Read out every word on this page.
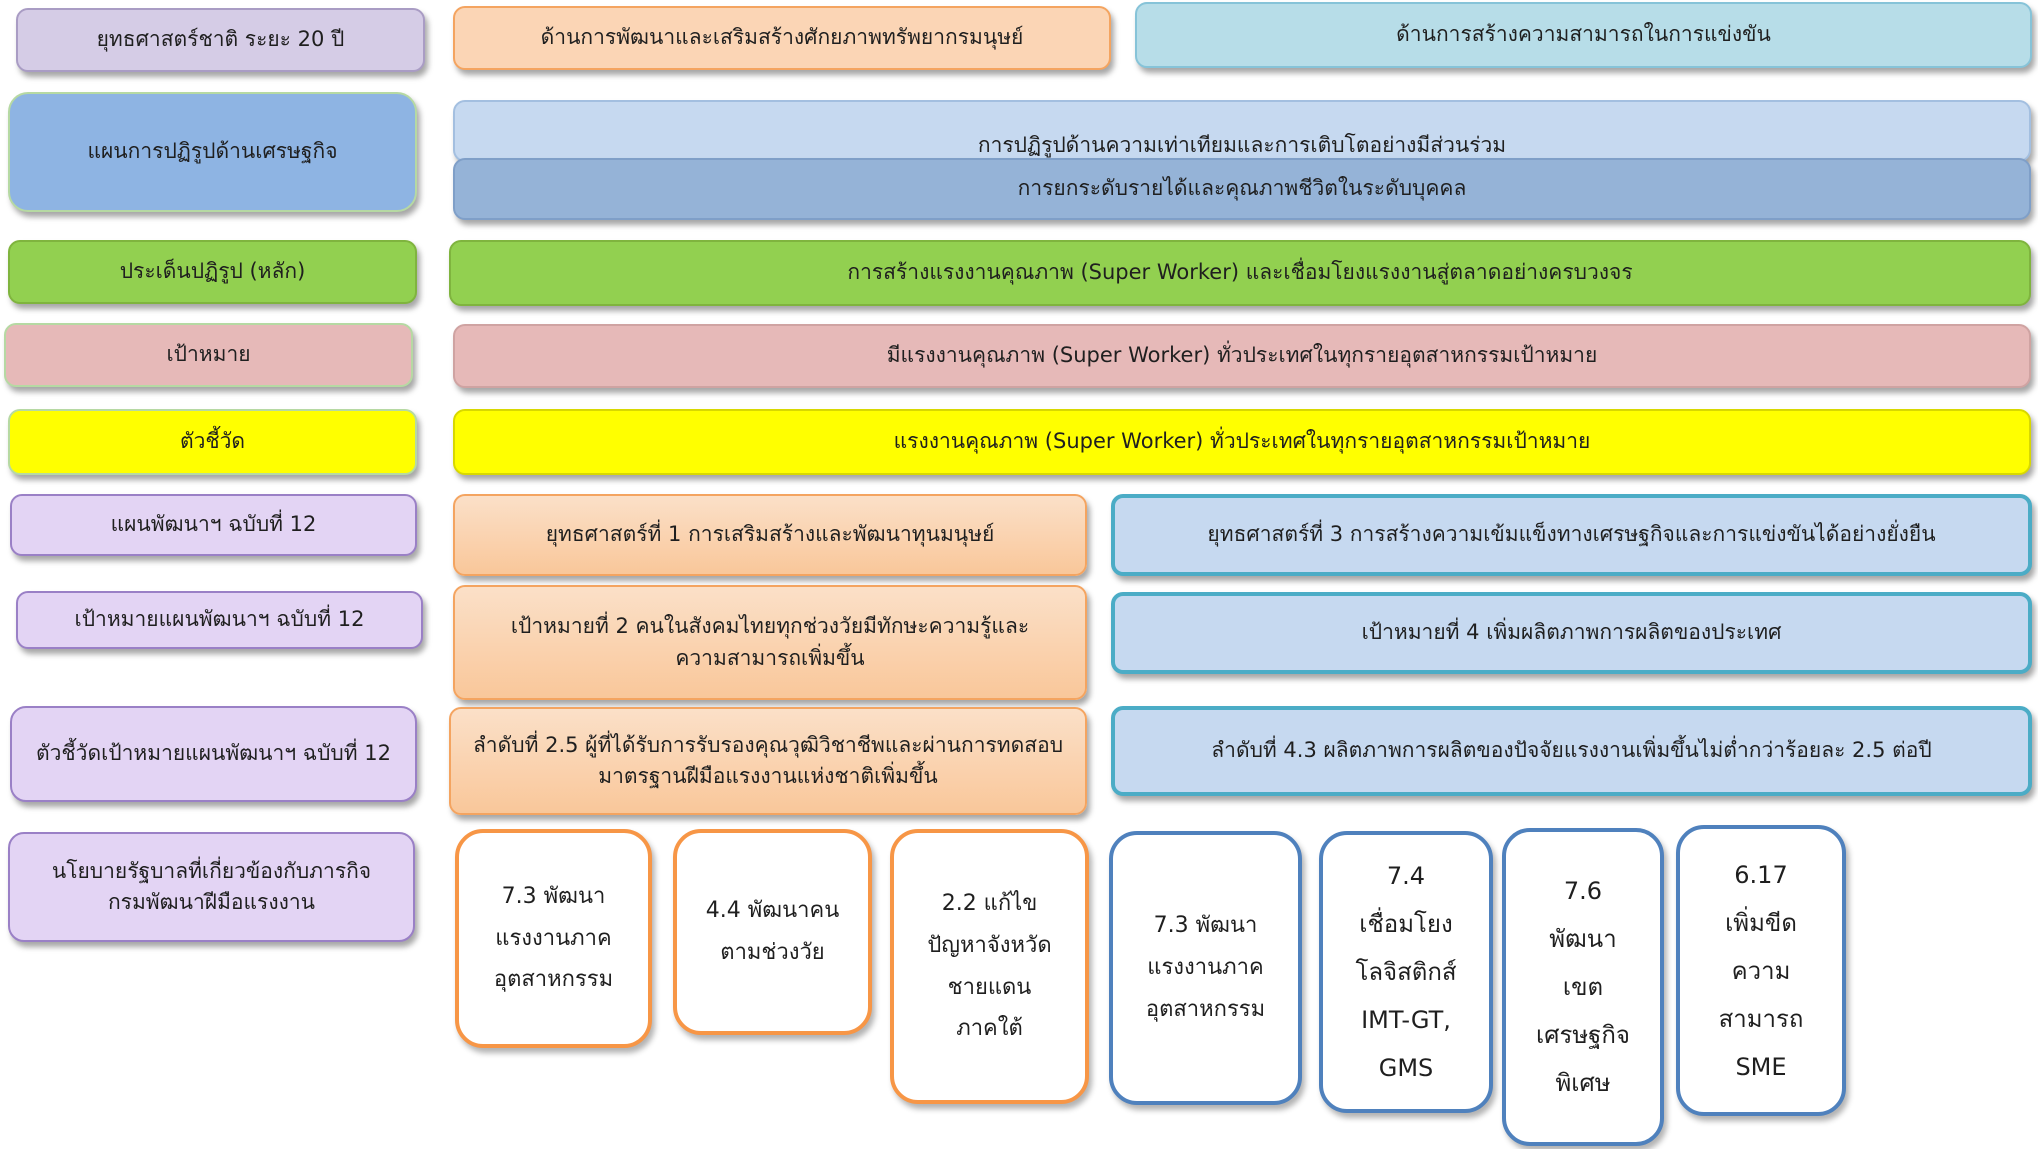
ยุทธศาสตร์ชาติ ระยะ 20 ปี
แผนการปฏิรูปด้านเศรษฐกิจ
ประเด็นปฏิรูป (หลัก)
เป้าหมาย
ตัวชี้วัด
แผนพัฒนาฯ ฉบับที่ 12
เป้าหมายแผนพัฒนาฯ ฉบับที่ 12
ตัวชี้วัดเป้าหมายแผนพัฒนาฯ ฉบับที่ 12
นโยบายรัฐบาลที่เกี่ยวข้องกับภารกิจ
กรมพัฒนาฝีมือแรงงาน
ด้านการพัฒนาและเสริมสร้างศักยภาพทรัพยากรมนุษย์	ด้านการสร้างความสามารถในการแข่งขัน
การปฏิรูปด้านความเท่าเทียมและการเติบโตอย่างมีส่วนร่วม
การยกระดับรายได้และคุณภาพชีวิตในระดับบุคคล
การสร้างแรงงานคุณภาพ (Super Worker) และเชื่อมโยงแรงงานสู่ตลาดอย่างครบวงจร
มีแรงงานคุณภาพ (Super Worker) ทั่วประเทศในทุกรายอุตสาหกรรมเป้าหมาย
แรงงานคุณภาพ (Super Worker) ทั่วประเทศในทุกรายอุตสาหกรรมเป้าหมาย
ยุทธศาสตร์ที่ 1 การเสริมสร้างและพัฒนาทุนมนุษย์	ยุทธศาสตร์ที่ 3 การสร้างความเข้มแข็งทางเศรษฐกิจและการแข่งขันได้อย่างยั่งยืน
เป้าหมายที่ 2 คนในสังคมไทยทุกช่วงวัยมีทักษะความรู้และ
ความสามารถเพิ่มขึ้น
เป้าหมายที่ 4 เพิ่มผลิตภาพการผลิตของประเทศ
ลำดับที่ 2.5 ผู้ที่ได้รับการรับรองคุณวุฒิวิชาชีพและผ่านการทดสอบ
มาตรฐานฝีมือแรงงานแห่งชาติเพิ่มขึ้น
ลำดับที่ 4.3 ผลิตภาพการผลิตของปัจจัยแรงงานเพิ่มขึ้นไม่ต่ำกว่าร้อยละ 2.5 ต่อปี
7.3 พัฒนา
แรงงานภาค
อุตสาหกรรม
4.4 พัฒนาคน
ตามช่วงวัย
2.2 แก้ไข
ปัญหาจังหวัด
ชายแดน
ภาคใต้
7.3 พัฒนา
แรงงานภาค
อุตสาหกรรม
7.4
เชื่อมโยง
โลจิสติกส์
IMT-GT,
GMS
7.6
พัฒนา
เขต
เศรษฐกิจ
พิเศษ
6.17
เพิ่มขีด
ความ
สามารถ
SME
